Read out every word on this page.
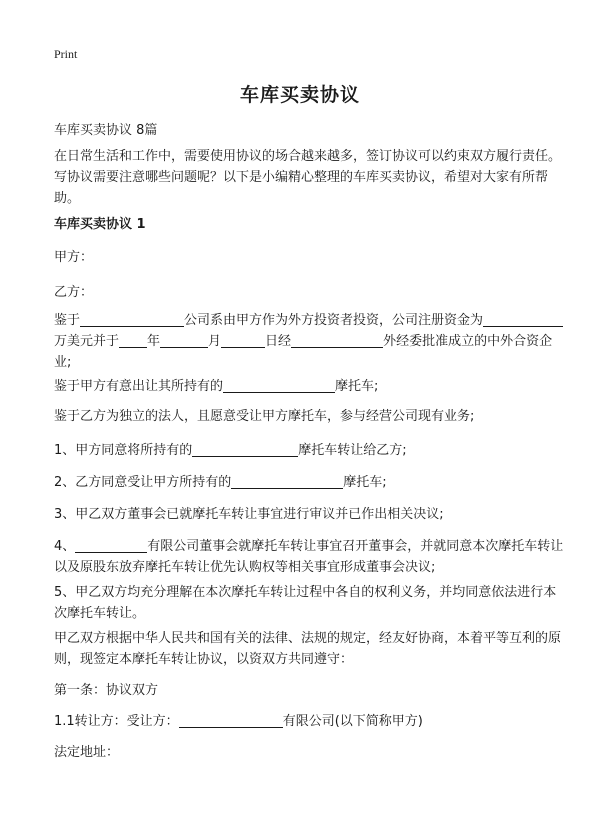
Print
车库买卖协议

车库买卖协议 8篇

在日常生活和工作中，需要使用协议的场合越来越多，签订协议可以约束双方履行责任。写协议需要注意哪些问题呢？以下是小编精心整理的车库买卖协议，希望对大家有所帮助。

车库买卖协议 1

甲方：

乙方：

鉴于	公司系由甲方作为外方投资者投资，公司注册资金为万美元并于 年	月	日经	外经委批准成立的中外合资企业;

鉴于甲方有意出让其所持有的	摩托车;

鉴于乙方为独立的法人，且愿意受让甲方摩托车，参与经营公司现有业务;

1、甲方同意将所持有的	摩托车转让给乙方;

2、乙方同意受让甲方所持有的	摩托车;

3、甲乙双方董事会已就摩托车转让事宜进行审议并已作出相关决议;

4、	有限公司董事会就摩托车转让事宜召开董事会，并就同意本次摩托车转让以及原股东放弃摩托车转让优先认购权等相关事宜形成董事会决议;

5、甲乙双方均充分理解在本次摩托车转让过程中各自的权利义务，并均同意依法进行本次摩托车转让。

甲乙双方根据中华人民共和国有关的法律、法规的规定，经友好协商，本着平等互利的原则，现签定本摩托车转让协议，以资双方共同遵守：

第一条：协议双方

1.1转让方：受让方：	有限公司(以下简称甲方)

法定地址：
